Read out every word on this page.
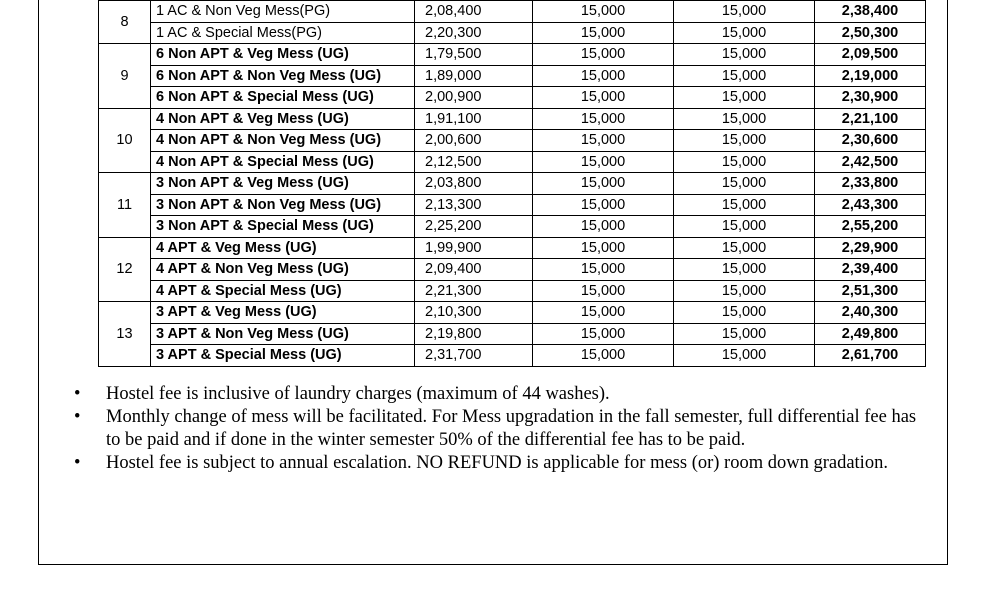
8	1 AC & Non Veg Mess(PG)	2,08,400	15,000	15,000	2,38,400
	1 AC & Special Mess(PG)	2,20,300	15,000	15,000	2,50,300
9	6 Non APT & Veg Mess (UG)	1,79,500	15,000	15,000	2,09,500
	6 Non APT & Non Veg Mess (UG)	1,89,000	15,000	15,000	2,19,000
	6 Non APT & Special Mess (UG)	2,00,900	15,000	15,000	2,30,900
10	4 Non APT & Veg Mess (UG)	1,91,100	15,000	15,000	2,21,100
	4 Non APT & Non Veg Mess (UG)	2,00,600	15,000	15,000	2,30,600
	4 Non APT & Special Mess (UG)	2,12,500	15,000	15,000	2,42,500
11	3 Non APT & Veg Mess (UG)	2,03,800	15,000	15,000	2,33,800
	3 Non APT & Non Veg Mess (UG)	2,13,300	15,000	15,000	2,43,300
	3 Non APT & Special Mess (UG)	2,25,200	15,000	15,000	2,55,200
12	4 APT & Veg Mess (UG)	1,99,900	15,000	15,000	2,29,900
	4 APT & Non Veg Mess (UG)	2,09,400	15,000	15,000	2,39,400
	4 APT & Special Mess (UG)	2,21,300	15,000	15,000	2,51,300
13	3 APT & Veg Mess (UG)	2,10,300	15,000	15,000	2,40,300
	3 APT & Non Veg Mess (UG)	2,19,800	15,000	15,000	2,49,800
	3 APT & Special Mess (UG)	2,31,700	15,000	15,000	2,61,700
• Hostel fee is inclusive of laundry charges (maximum of 44 washes).
• Monthly change of mess will be facilitated. For Mess upgradation in the fall semester, full differential fee has to be paid and if done in the winter semester 50% of the differential fee has to be paid.
• Hostel fee is subject to annual escalation. NO REFUND is applicable for mess (or) room down gradation.
